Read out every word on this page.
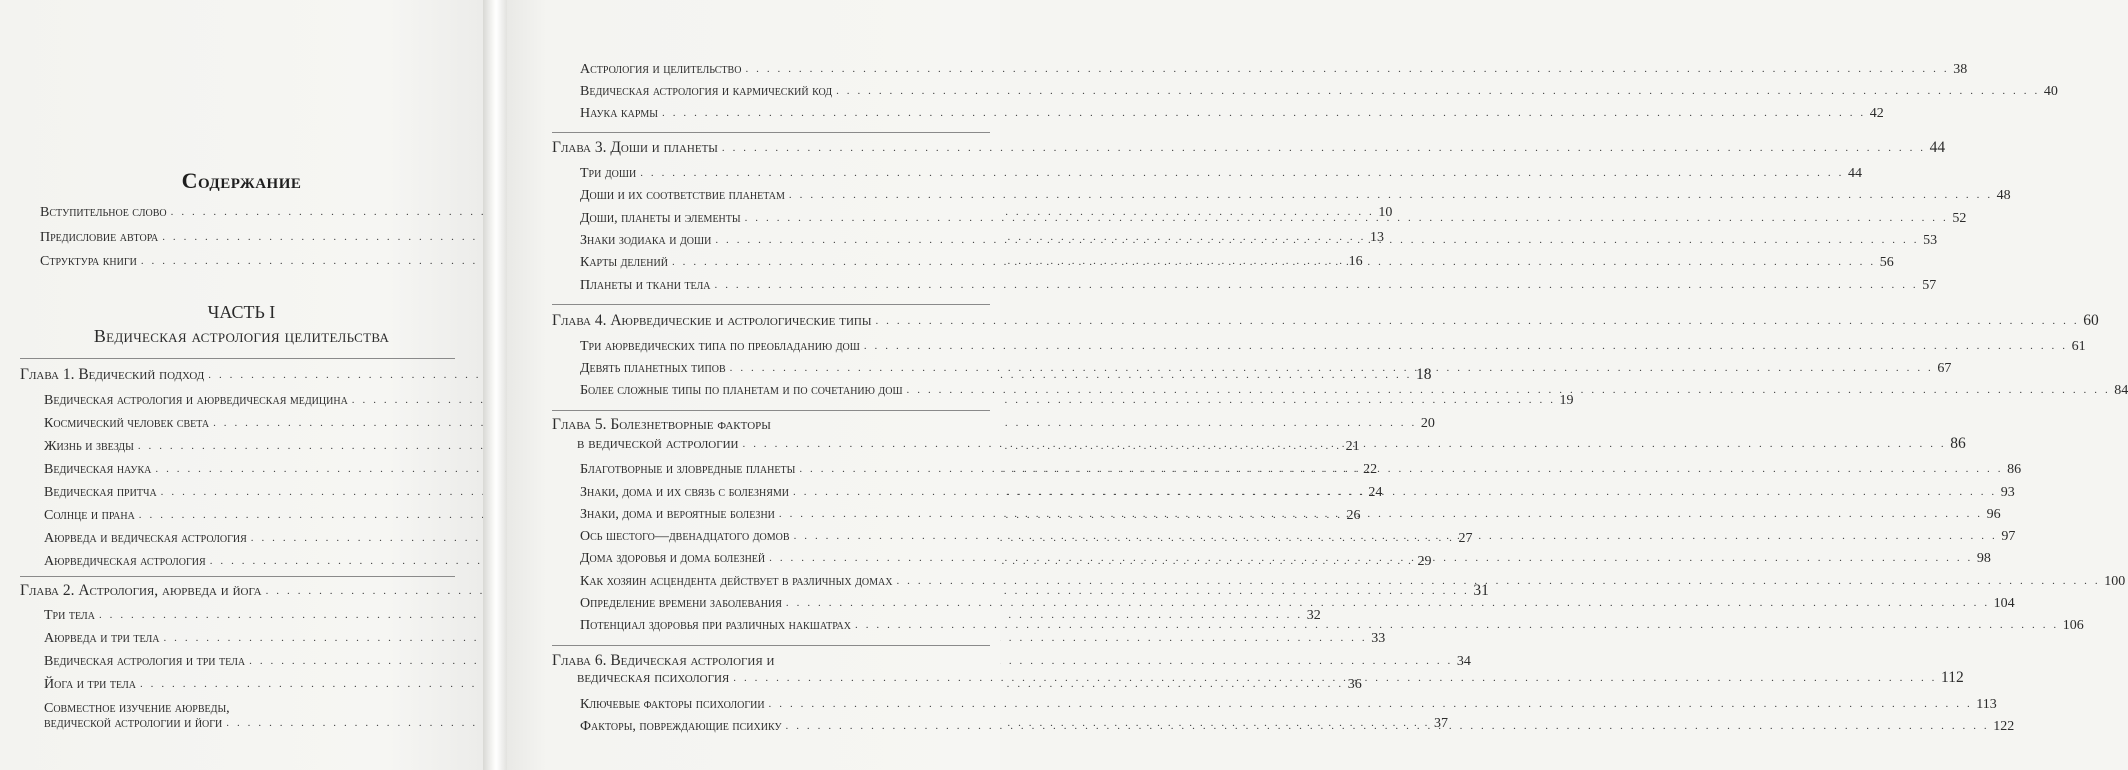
Содержание
Вступительное слово . . .	10
Предисловие автора . . .	13
Структура книги . . .	16
ЧАСТЬ I
Ведическая астрология целительства
Глава 1. Ведический подход . . .	18
Ведическая астрология и аюрведическая медицина . . .	19
Космический человек света . . .	20
Жизнь и звезды . . .	21
Ведическая наука . . .	22
Ведическая притча . . .	24
Солнце и прана . . .	26
Аюрведа и ведическая астрология . . .	27
Аюрведическая астрология . . .	29
Глава 2. Астрология, аюрведа и йога . . .	31
Три тела . . .	32
Аюрведа и три тела . . .	33
Ведическая астрология и три тела . . .	34
Йога и три тела . . .	36
Совместное изучение аюрведы,
ведической астрологии и йоги . . .	37
Астрология и целительство . . .	38
Ведическая астрология и кармический код . . .	40
Наука кармы . . .	42
Глава 3. Доши и планеты . . .	44
Три доши . . .	44
Доши и их соответствие планетам . . .	48
Доши, планеты и элементы . . .	52
Знаки зодиака и доши . . .	53
Карты делений . . .	56
Планеты и ткани тела . . .	57
Глава 4. Аюрведические и астрологические типы . . .	60
Три аюрведических типа по преобладанию дош . . .	61
Девять планетных типов . . .	67
Более сложные типы по планетам и по сочетанию дош . . .	84
Глава 5. Болезнетворные факторы
в ведической астрологии . . .	86
Благотворные и зловредные планеты . . .	86
Знаки, дома и их связь с болезнями . . .	93
Знаки, дома и вероятные болезни . . .	96
Ось шестого—двенадцатого домов . . .	97
Дома здоровья и дома болезней . . .	98
Как хозяин асцендента действует в различных домах . . .	100
Определение времени заболевания . . .	104
Потенциал здоровья при различных накшатрах . . .	106
Глава 6. Ведическая астрология и
ведическая психология . . .	112
Ключевые факторы психологии . . .	113
Факторы, повреждающие психику . . .	122
